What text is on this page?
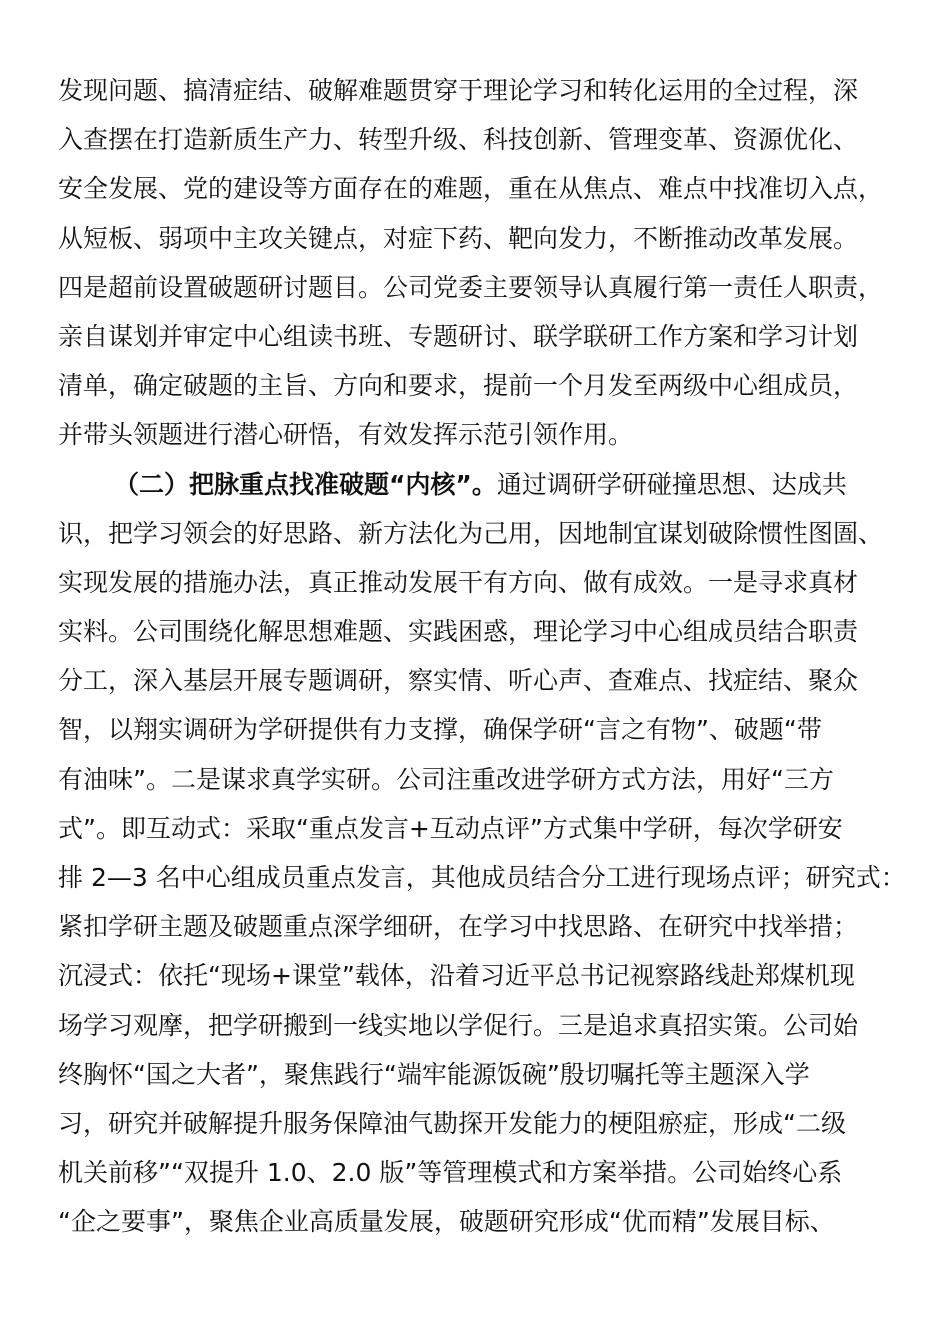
发现问题、搞清症结、破解难题贯穿于理论学习和转化运用的全过程，深
入查摆在打造新质生产力、转型升级、科技创新、管理变革、资源优化、
安全发展、党的建设等方面存在的难题，重在从焦点、难点中找准切入点，
从短板、弱项中主攻关键点，对症下药、靶向发力，不断推动改革发展。
四是超前设置破题研讨题目。公司党委主要领导认真履行第一责任人职责，
亲自谋划并审定中心组读书班、专题研讨、联学联研工作方案和学习计划
清单，确定破题的主旨、方向和要求，提前一个月发至两级中心组成员，
并带头领题进行潜心研悟，有效发挥示范引领作用。
（二）把脉重点找准破题“内核”。通过调研学研碰撞思想、达成共
识，把学习领会的好思路、新方法化为己用，因地制宜谋划破除惯性图圄、
实现发展的措施办法，真正推动发展干有方向、做有成效。一是寻求真材
实料。公司围绕化解思想难题、实践困惑，理论学习中心组成员结合职责
分工，深入基层开展专题调研，察实情、听心声、查难点、找症结、聚众
智，以翔实调研为学研提供有力支撑，确保学研“言之有物”、破题“带
有油味”。二是谋求真学实研。公司注重改进学研方式方法，用好“三方
式”。即互动式：采取“重点发言+互动点评”方式集中学研，每次学研安
排 2—3 名中心组成员重点发言，其他成员结合分工进行现场点评；研究式：
紧扣学研主题及破题重点深学细研，在学习中找思路、在研究中找举措；
沉浸式：依托“现场+课堂”载体，沿着习近平总书记视察路线赴郑煤机现
场学习观摩，把学研搬到一线实地以学促行。三是追求真招实策。公司始
终胸怀“国之大者”，聚焦践行“端牢能源饭碗”殷切嘱托等主题深入学
习，研究并破解提升服务保障油气勘探开发能力的梗阻瘀症，形成“二级
机关前移”“双提升 1.0、2.0 版”等管理模式和方案举措。公司始终心系
“企之要事”，聚焦企业高质量发展，破题研究形成“优而精”发展目标、
